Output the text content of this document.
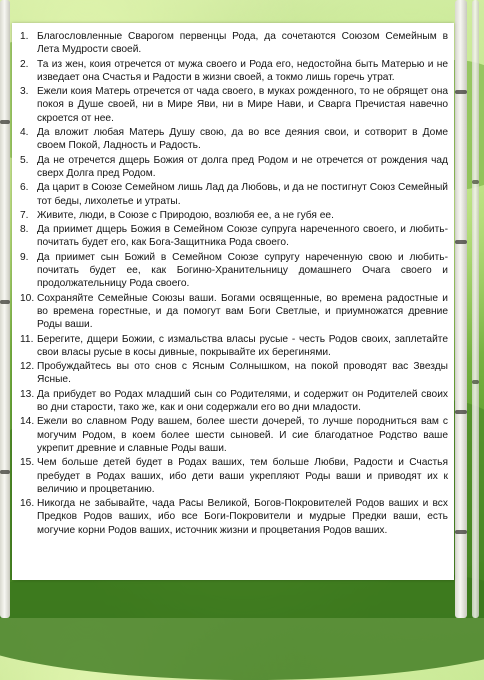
1. Благословленные Сварогом первенцы Рода, да сочетаются Союзом Семейным в Лета Мудрости своей.
2. Та из жен, коия отречется от мужа своего и Рода его, недостойна быть Матерью и не изведает она Счастья и Радости в жизни своей, а токмо лишь горечь утрат.
3. Ежели коия Матерь отречется от чада своего, в муках рожденного, то не обрящет она покоя в Душе своей, ни в Мире Яви, ни в Мире Нави, и Сварга Пречистая навечно скроется от нее.
4. Да вложит любая Матерь Душу свою, да во все деяния свои, и сотворит в Доме своем Покой, Ладность и Радость.
5. Да не отречется дщерь Божия от долга пред Родом и не отречется от рождения чад сверх Долга пред Родом.
6. Да царит в Союзе Семейном лишь Лад да Любовь, и да не постигнут Союз Семейный тот беды, лихолетье и утраты.
7. Живите, люди, в Союзе с Природою, возлюбя ее, а не губя ее.
8. Да приимет дщерь Божия в Семейном Союзе супруга нареченного своего, и любить-почитать будет его, как Бога-Защитника Рода своего.
9. Да приимет сын Божий в Семейном Союзе супругу нареченную свою и любить-почитать будет ее, как Богиню-Хранительницу домашнего Очага своего и продолжательницу Рода своего.
10. Сохраняйте Семейные Союзы ваши. Богами освященные, во времена радостные и во времена горестные, и да помогут вам Боги Светлые, и приумножатся древние Роды ваши.
11. Берегите, дщери Божии, с измальства власы русые - честь Родов своих, заплетайте свои власы русые в косы дивные, покрывайте их берегинями.
12. Пробуждайтесь вы ото снов с Ясным Солнышком, на покой проводят вас Звезды Ясные.
13. Да прибудет во Родах младший сын со Родителями, и содержит он Родителей своих во дни старости, тако же, как и они содержали его во дни младости.
14. Ежели во славном Роду вашем, более шести дочерей, то лучше породниться вам с могучим Родом, в коем более шести сыновей. И сие благодатное Родство ваше укрепит древние и славные Роды ваши.
15. Чем больше детей будет в Родах ваших, тем больше Любви, Радости и Счастья пребудет в Родах ваших, ибо дети ваши укрепляют Роды ваши и приводят их к величию и процветанию.
16. Никогда не забывайте, чада Расы Великой, Богов-Покровителей Родов ваших и всх Предков Родов ваших, ибо все Боги-Покровители и мудрые Предки ваши, есть могучие корни Родов ваших, источник жизни и процветания Родов ваших.
